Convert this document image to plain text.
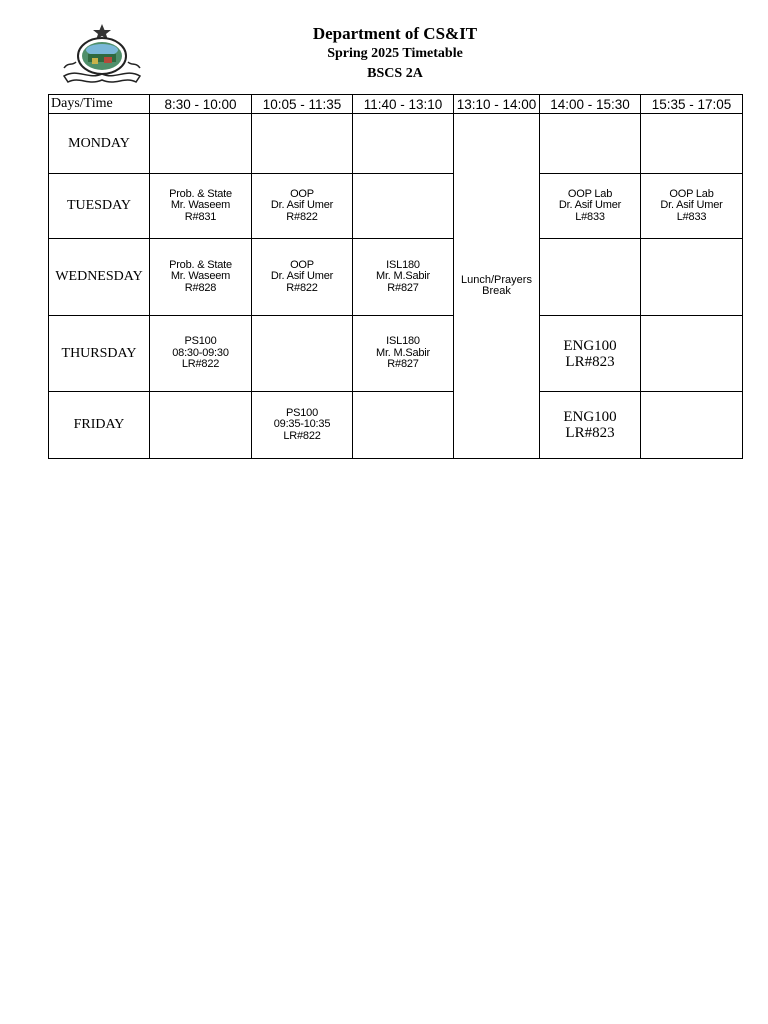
Department of CS&IT
Spring 2025 Timetable
BSCS 2A
Days/Time	8:30 - 10:00	10:05 - 11:35	11:40 - 13:10	13:10 - 14:00	14:00 - 15:30	15:35 - 17:05
MONDAY				Lunch/Prayers
Break		

TUESDAY	Prob. & State
Mr. Waseem
R#831	OOP
Dr. Asif Umer
R#822			OOP Lab
Dr. Asif Umer
L#833	OOP Lab
Dr. Asif Umer
L#833

WEDNESDAY	Prob. & State
Mr. Waseem
R#828	OOP
Dr. Asif Umer
R#822	ISL180
Mr. M.Sabir
R#827			

THURSDAY	PS100
08:30-09:30
LR#822		ISL180
Mr. M.Sabir
R#827		ENG100
LR#823	

FRIDAY		PS100
09:35-10:35
LR#822			ENG100
LR#823	
